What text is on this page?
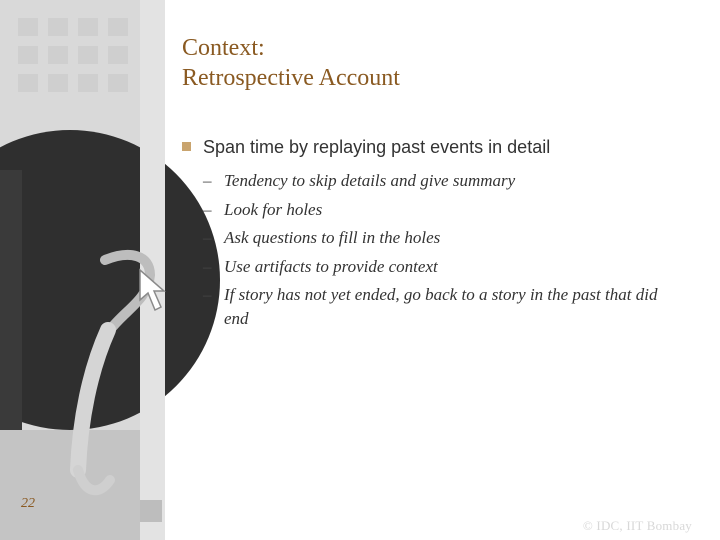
Context:
Retrospective Account
Span time by replaying past events in detail
– Tendency to skip details and give summary
– Look for holes
– Ask questions to fill in the holes
– Use artifacts to provide context
– If story has not yet ended, go back to a story in the past that did end
22
© IDC, IIT Bombay
